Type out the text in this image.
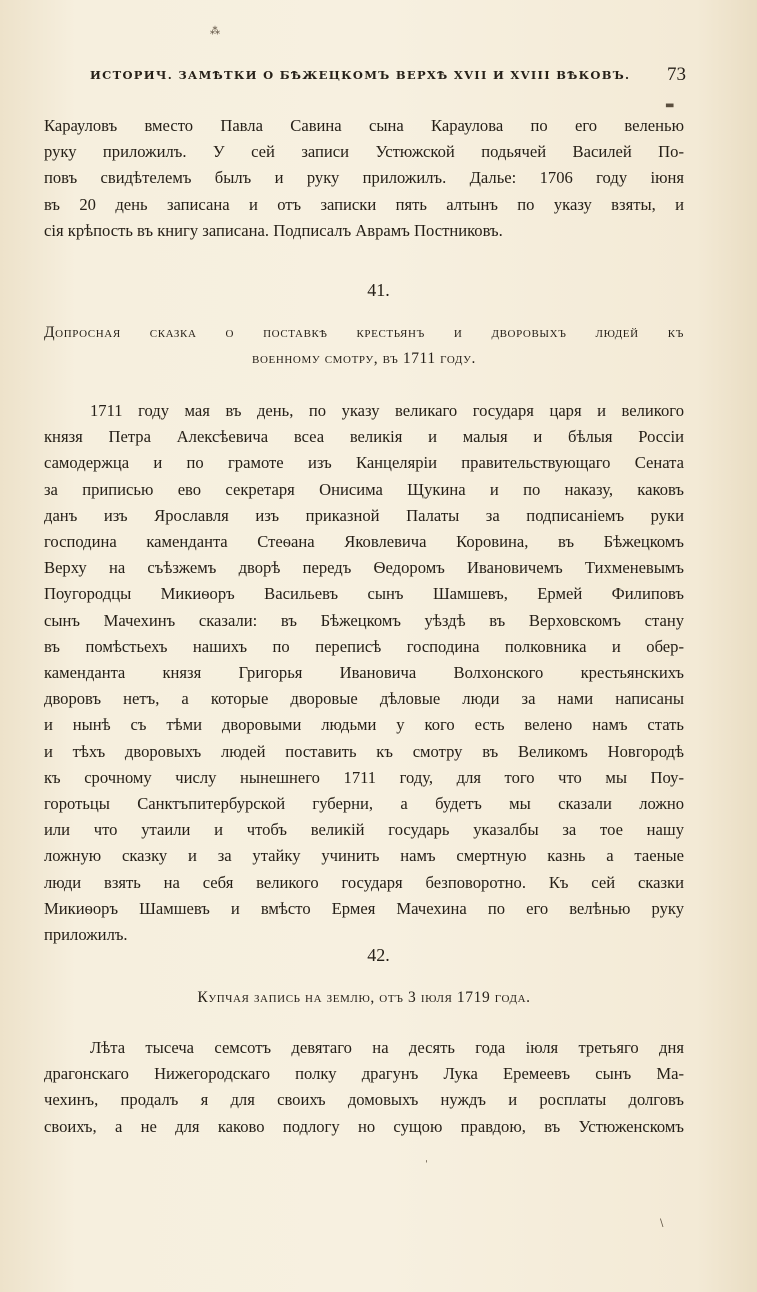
⁂
ИСТОРИЧ. ЗАМѢТКИ О БѢЖЕЦКОМЪ ВЕРХѢ XVII И XVIII ВѢКОВЪ. 73
Карауловъ вместо Павла Савина сына Караулова по его веленью
руку приложилъ. У сей записи Устюжской подьячей Василей По-
повъ свидѣтелемъ былъ и руку приложилъ. Далье: 1706 году iюня
въ 20 день записана и отъ записки пять алтынъ по указу взяты, и
сiя крѣпость въ книгу записана. Подписалъ Аврамъ Постниковъ.
41.
Допросная сказка о поставкѣ крестьянъ и дворовыхъ людей къ
военному смотру, въ 1711 году.
1711 году мая въ день, по указу великаго государя царя и великого
князя Петра Алексѣевича всеа великiя и малыя и бѣлыя Россiи
самодержца и по грамоте изъ Канцелярiи правительствующаго Сената
за приписью ево секретаря Онисима Щукина и по наказу, каковъ
данъ изъ Ярославля изъ приказной Палаты за подписанiемъ руки
господина камендантa Стеѳана Яковлевича Коровина, въ Бѣжецкомъ
Верху на съѣзжемъ дворѣ передъ Ѳедоромъ Ивановичемъ Тихменевымъ
Поугородцы Микиѳоръ Васильевъ сынъ Шамшевъ, Ермей Филиповъ
сынъ Мачехинъ сказали: въ Бѣжецкомъ уѣздѣ въ Верховскомъ стану
въ помѣстьехъ нашихъ по переписѣ господина полковника и обер-
камендантa князя Григорья Ивановича Волхонского крестьянскихъ
дворовъ нетъ, а которые дворовые дѣловые люди за нами написаны
и нынѣ съ тѣми дворовыми людьми у кого есть велено намъ стать
и тѣхъ дворовыхъ людей поставить къ смотру въ Великомъ Новгородѣ
къ срочному числу нынешнего 1711 году, для того что мы Поу-
горотьцы Санктъпитербурской губерни, а будетъ мы сказали ложно
или что утаили и чтобъ великiй государь указалбы за тое нашу
ложную сказку и за утайку учинить намъ смертную казнь а таеные
люди взять на себя великого государя безповоротно. Къ сей сказки
Микиѳоръ Шамшевъ и вмѣсто Ермея Мачехина по его велѣнью руку
приложилъ.
42.
Купчая запись на землю, отъ 3 iюля 1719 года.
Лѣта тысеча семсотъ девятаго на десять года iюля третьяго дня
драгонскаго Нижегородскаго полку драгунъ Лука Еремеевъ сынъ Ма-
чехинъ, продалъ я для своихъ домовыхъ нуждъ и росплаты долговъ
своихъ, а не для каково подлогу но сущою правдою, въ Устюженскомъ
▬
ˈ
\
